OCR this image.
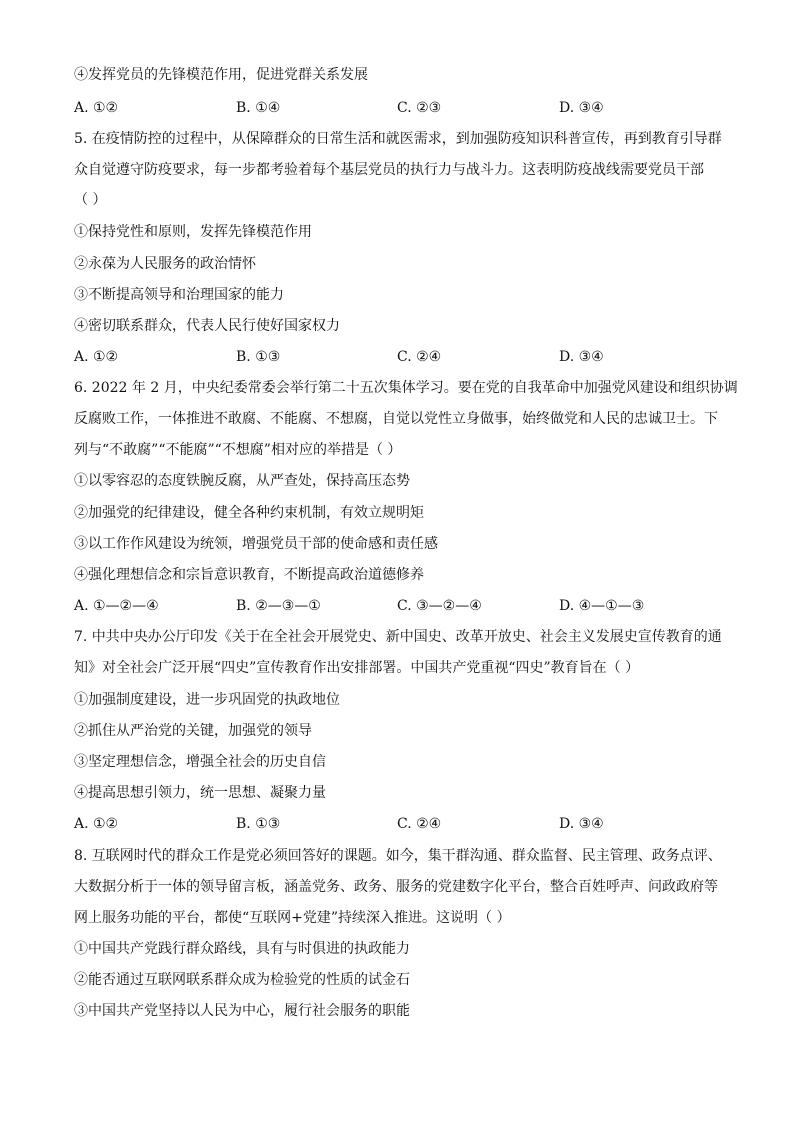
④发挥党员的先锋模范作用，促进党群关系发展
A. ①②	B. ①④	C. ②③	D. ③④
5. 在疫情防控的过程中，从保障群众的日常生活和就医需求，到加强防疫知识科普宣传，再到教育引导群
众自觉遵守防疫要求，每一步都考验着每个基层党员的执行力与战斗力。这表明防疫战线需要党员干部
（ ）
①保持党性和原则，发挥先锋模范作用
②永葆为人民服务的政治情怀
③不断提高领导和治理国家的能力
④密切联系群众，代表人民行使好国家权力
A. ①②	B. ①③	C. ②④	D. ③④
6. 2022 年 2 月，中央纪委常委会举行第二十五次集体学习。要在党的自我革命中加强党风建设和组织协调
反腐败工作，一体推进不敢腐、不能腐、不想腐，自觉以党性立身做事，始终做党和人民的忠诚卫士。下
列与“不敢腐”“不能腐”“不想腐”相对应的举措是（ ）
①以零容忍的态度铁腕反腐，从严查处，保持高压态势
②加强党的纪律建设，健全各种约束机制，有效立规明矩
③以工作作风建设为统领，增强党员干部的使命感和责任感
④强化理想信念和宗旨意识教育，不断提高政治道德修养
A. ①—②—④	B. ②—③—①	C. ③—②—④	D. ④—①—③
7. 中共中央办公厅印发《关于在全社会开展党史、新中国史、改革开放史、社会主义发展史宣传教育的通
知》对全社会广泛开展“四史”宣传教育作出安排部署。中国共产党重视“四史”教育旨在（ ）
①加强制度建设，进一步巩固党的执政地位
②抓住从严治党的关键，加强党的领导
③坚定理想信念，增强全社会的历史自信
④提高思想引领力，统一思想、凝聚力量
A. ①②	B. ①③	C. ②④	D. ③④
8. 互联网时代的群众工作是党必须回答好的课题。如今，集干群沟通、群众监督、民主管理、政务点评、
大数据分析于一体的领导留言板，涵盖党务、政务、服务的党建数字化平台，整合百姓呼声、问政政府等
网上服务功能的平台，都使“互联网+党建”持续深入推进。这说明（ ）
①中国共产党践行群众路线，具有与时俱进的执政能力
②能否通过互联网联系群众成为检验党的性质的试金石
③中国共产党坚持以人民为中心，履行社会服务的职能
